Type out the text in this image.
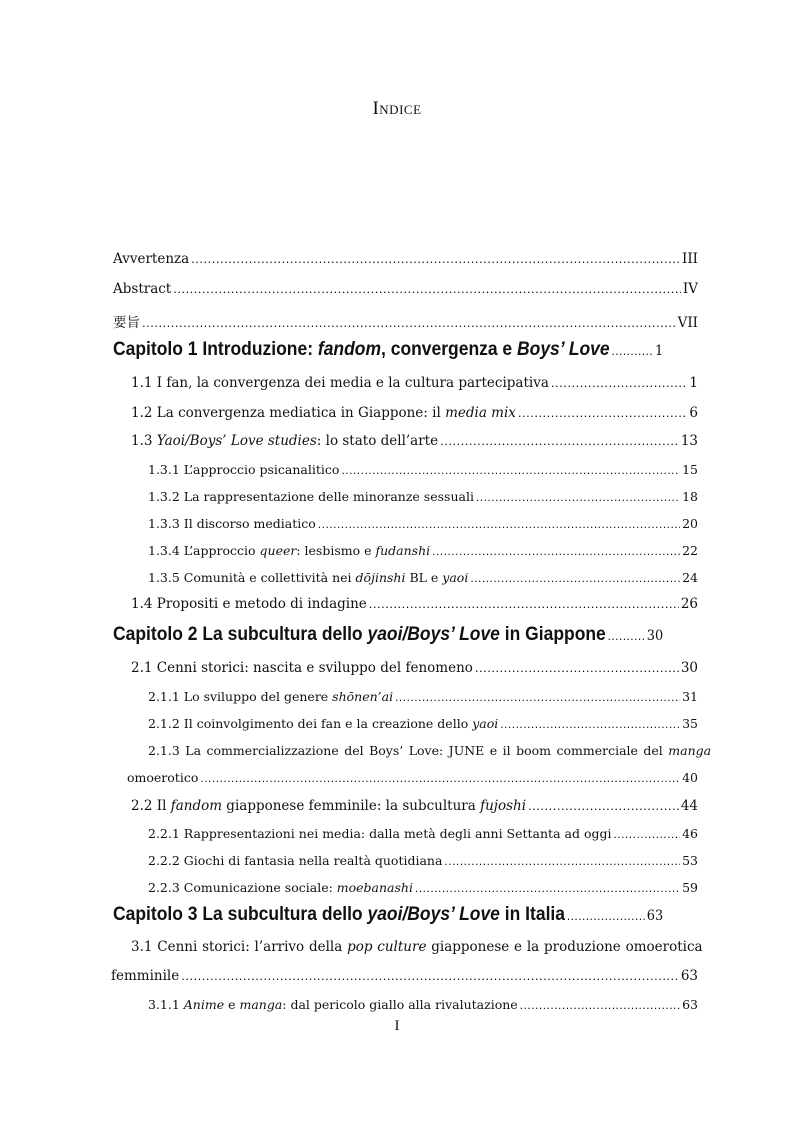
Indice
Avvertenza .....	III
Abstract .....	IV
要旨 .....	VII
Capitolo 1 Introduzione: fandom, convergenza e Boys’ Love .....	1
1.1 I fan, la convergenza dei media e la cultura partecipativa .....	1
1.2 La convergenza mediatica in Giappone: il media mix .....	6
1.3 Yaoi/Boys’ Love studies: lo stato dell’arte .....	13
1.3.1 L’approccio psicanalitico .....	15
1.3.2 La rappresentazione delle minoranze sessuali .....	18
1.3.3 Il discorso mediatico .....	20
1.3.4 L’approccio queer: lesbismo e fudanshi .....	22
1.3.5 Comunità e collettività nei dōjinshi BL e yaoi .....	24
1.4 Propositi e metodo di indagine .....	26
Capitolo 2 La subcultura dello yaoi/Boys’ Love in Giappone .....	30
2.1 Cenni storici: nascita e sviluppo del fenomeno .....	30
2.1.1 Lo sviluppo del genere shōnen’ai .....	31
2.1.2 Il coinvolgimento dei fan e la creazione dello yaoi .....	35
2.1.3 La commercializzazione del Boys’ Love: JUNE e il boom commerciale del manga
omoerotico .....	40
2.2 Il fandom giapponese femminile: la subcultura fujoshi .....	44
2.2.1 Rappresentazioni nei media: dalla metà degli anni Settanta ad oggi .....	46
2.2.2 Giochi di fantasia nella realtà quotidiana .....	53
2.2.3 Comunicazione sociale: moebanashi .....	59
Capitolo 3 La subcultura dello yaoi/Boys’ Love in Italia .....	63
3.1 Cenni storici: l’arrivo della pop culture giapponese e la produzione omoerotica
femminile .....	63
3.1.1 Anime e manga: dal pericolo giallo alla rivalutazione .....	63
I
